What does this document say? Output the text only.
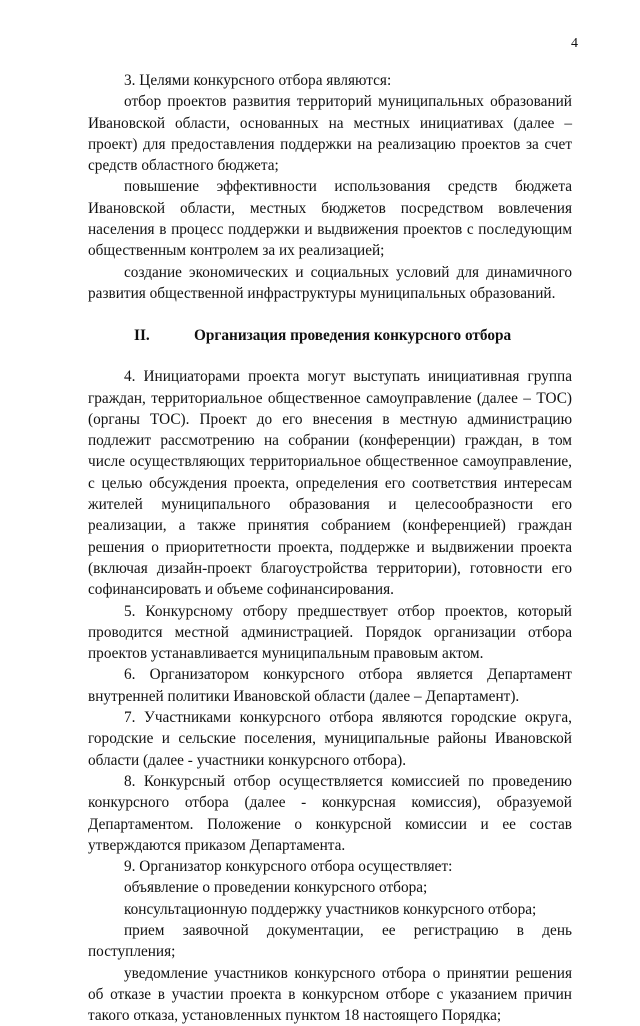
4

3. Целями конкурсного отбора являются:

отбор проектов развития территорий муниципальных образований Ивановской области, основанных на местных инициативах (далее – проект) для предоставления поддержки на реализацию проектов за счет средств областного бюджета;

повышение эффективности использования средств бюджета Ивановской области, местных бюджетов посредством вовлечения населения в процесс поддержки и выдвижения проектов с последующим общественным контролем за их реализацией;

создание экономических и социальных условий для динамичного развития общественной инфраструктуры муниципальных образований.

II.	Организация проведения конкурсного отбора

4. Инициаторами проекта могут выступать инициативная группа граждан, территориальное общественное самоуправление (далее – ТОС) (органы ТОС). Проект до его внесения в местную администрацию подлежит рассмотрению на собрании (конференции) граждан, в том числе осуществляющих территориальное общественное самоуправление, с целью обсуждения проекта, определения его соответствия интересам жителей муниципального образования и целесообразности его реализации, а также принятия собранием (конференцией) граждан решения о приоритетности проекта, поддержке и выдвижении проекта (включая дизайн-проект благоустройства территории), готовности его софинансировать и объеме софинансирования.

5. Конкурсному отбору предшествует отбор проектов, который проводится местной администрацией. Порядок организации отбора проектов устанавливается муниципальным правовым актом.

6. Организатором конкурсного отбора является Департамент внутренней политики Ивановской области (далее – Департамент).

7. Участниками конкурсного отбора являются городские округа, городские и сельские поселения, муниципальные районы Ивановской области (далее - участники конкурсного отбора).

8. Конкурсный отбор осуществляется комиссией по проведению конкурсного отбора (далее - конкурсная комиссия), образуемой Департаментом. Положение о конкурсной комиссии и ее состав утверждаются приказом Департамента.

9. Организатор конкурсного отбора осуществляет:

объявление о проведении конкурсного отбора;

консультационную поддержку участников конкурсного отбора;

прием заявочной документации, ее регистрацию в день поступления;

уведомление участников конкурсного отбора о принятии решения об отказе в участии проекта в конкурсном отборе с указанием причин такого отказа, установленных пунктом 18 настоящего Порядка;
